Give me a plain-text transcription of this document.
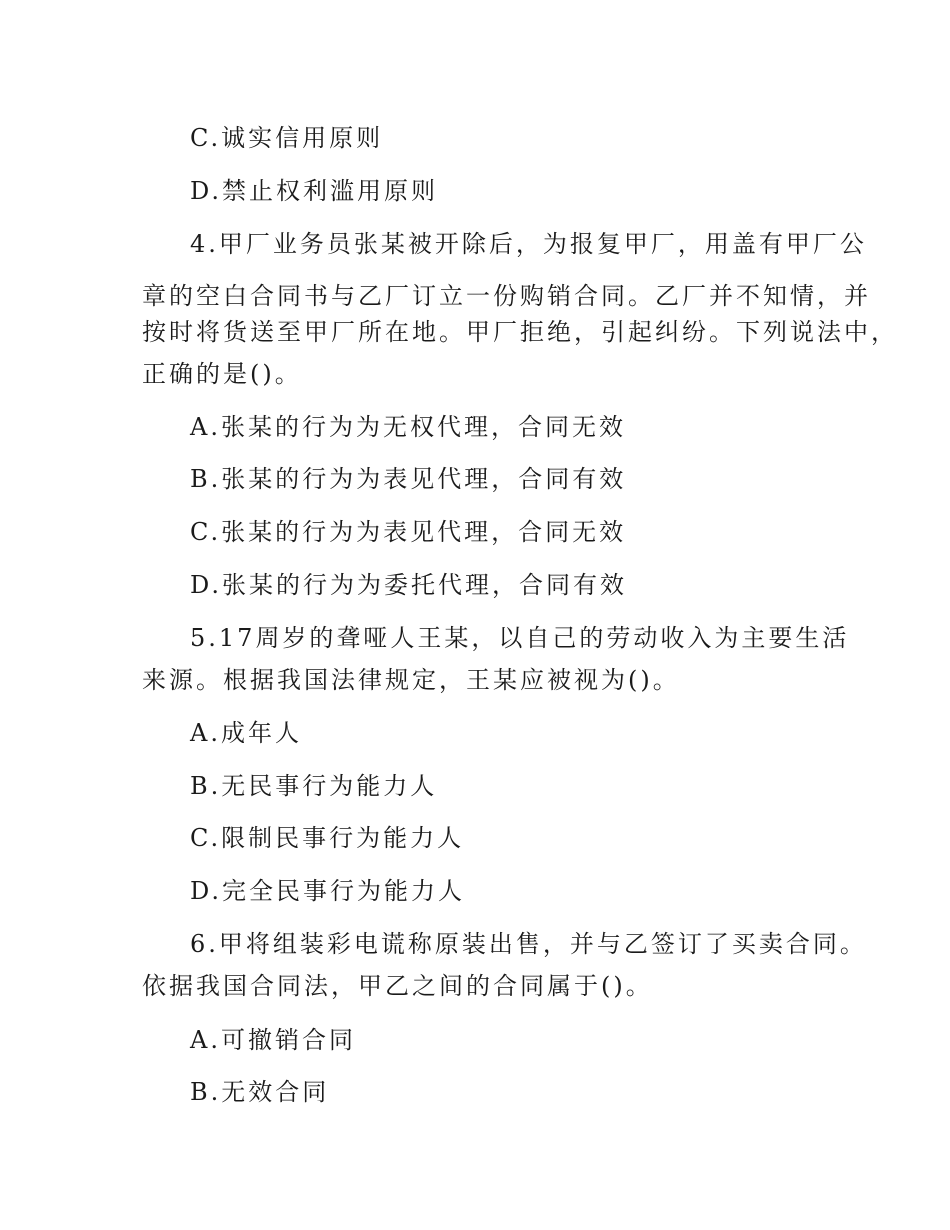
C.诚实信用原则
D.禁止权利滥用原则
4.甲厂业务员张某被开除后，为报复甲厂，用盖有甲厂公
章的空白合同书与乙厂订立一份购销合同。乙厂并不知情，并
按时将货送至甲厂所在地。甲厂拒绝，引起纠纷。下列说法中，
正确的是()。
A.张某的行为为无权代理，合同无效
B.张某的行为为表见代理，合同有效
C.张某的行为为表见代理，合同无效
D.张某的行为为委托代理，合同有效
5.17周岁的聋哑人王某，以自己的劳动收入为主要生活
来源。根据我国法律规定，王某应被视为()。
A.成年人
B.无民事行为能力人
C.限制民事行为能力人
D.完全民事行为能力人
6.甲将组装彩电谎称原装出售，并与乙签订了买卖合同。
依据我国合同法，甲乙之间的合同属于()。
A.可撤销合同
B.无效合同
